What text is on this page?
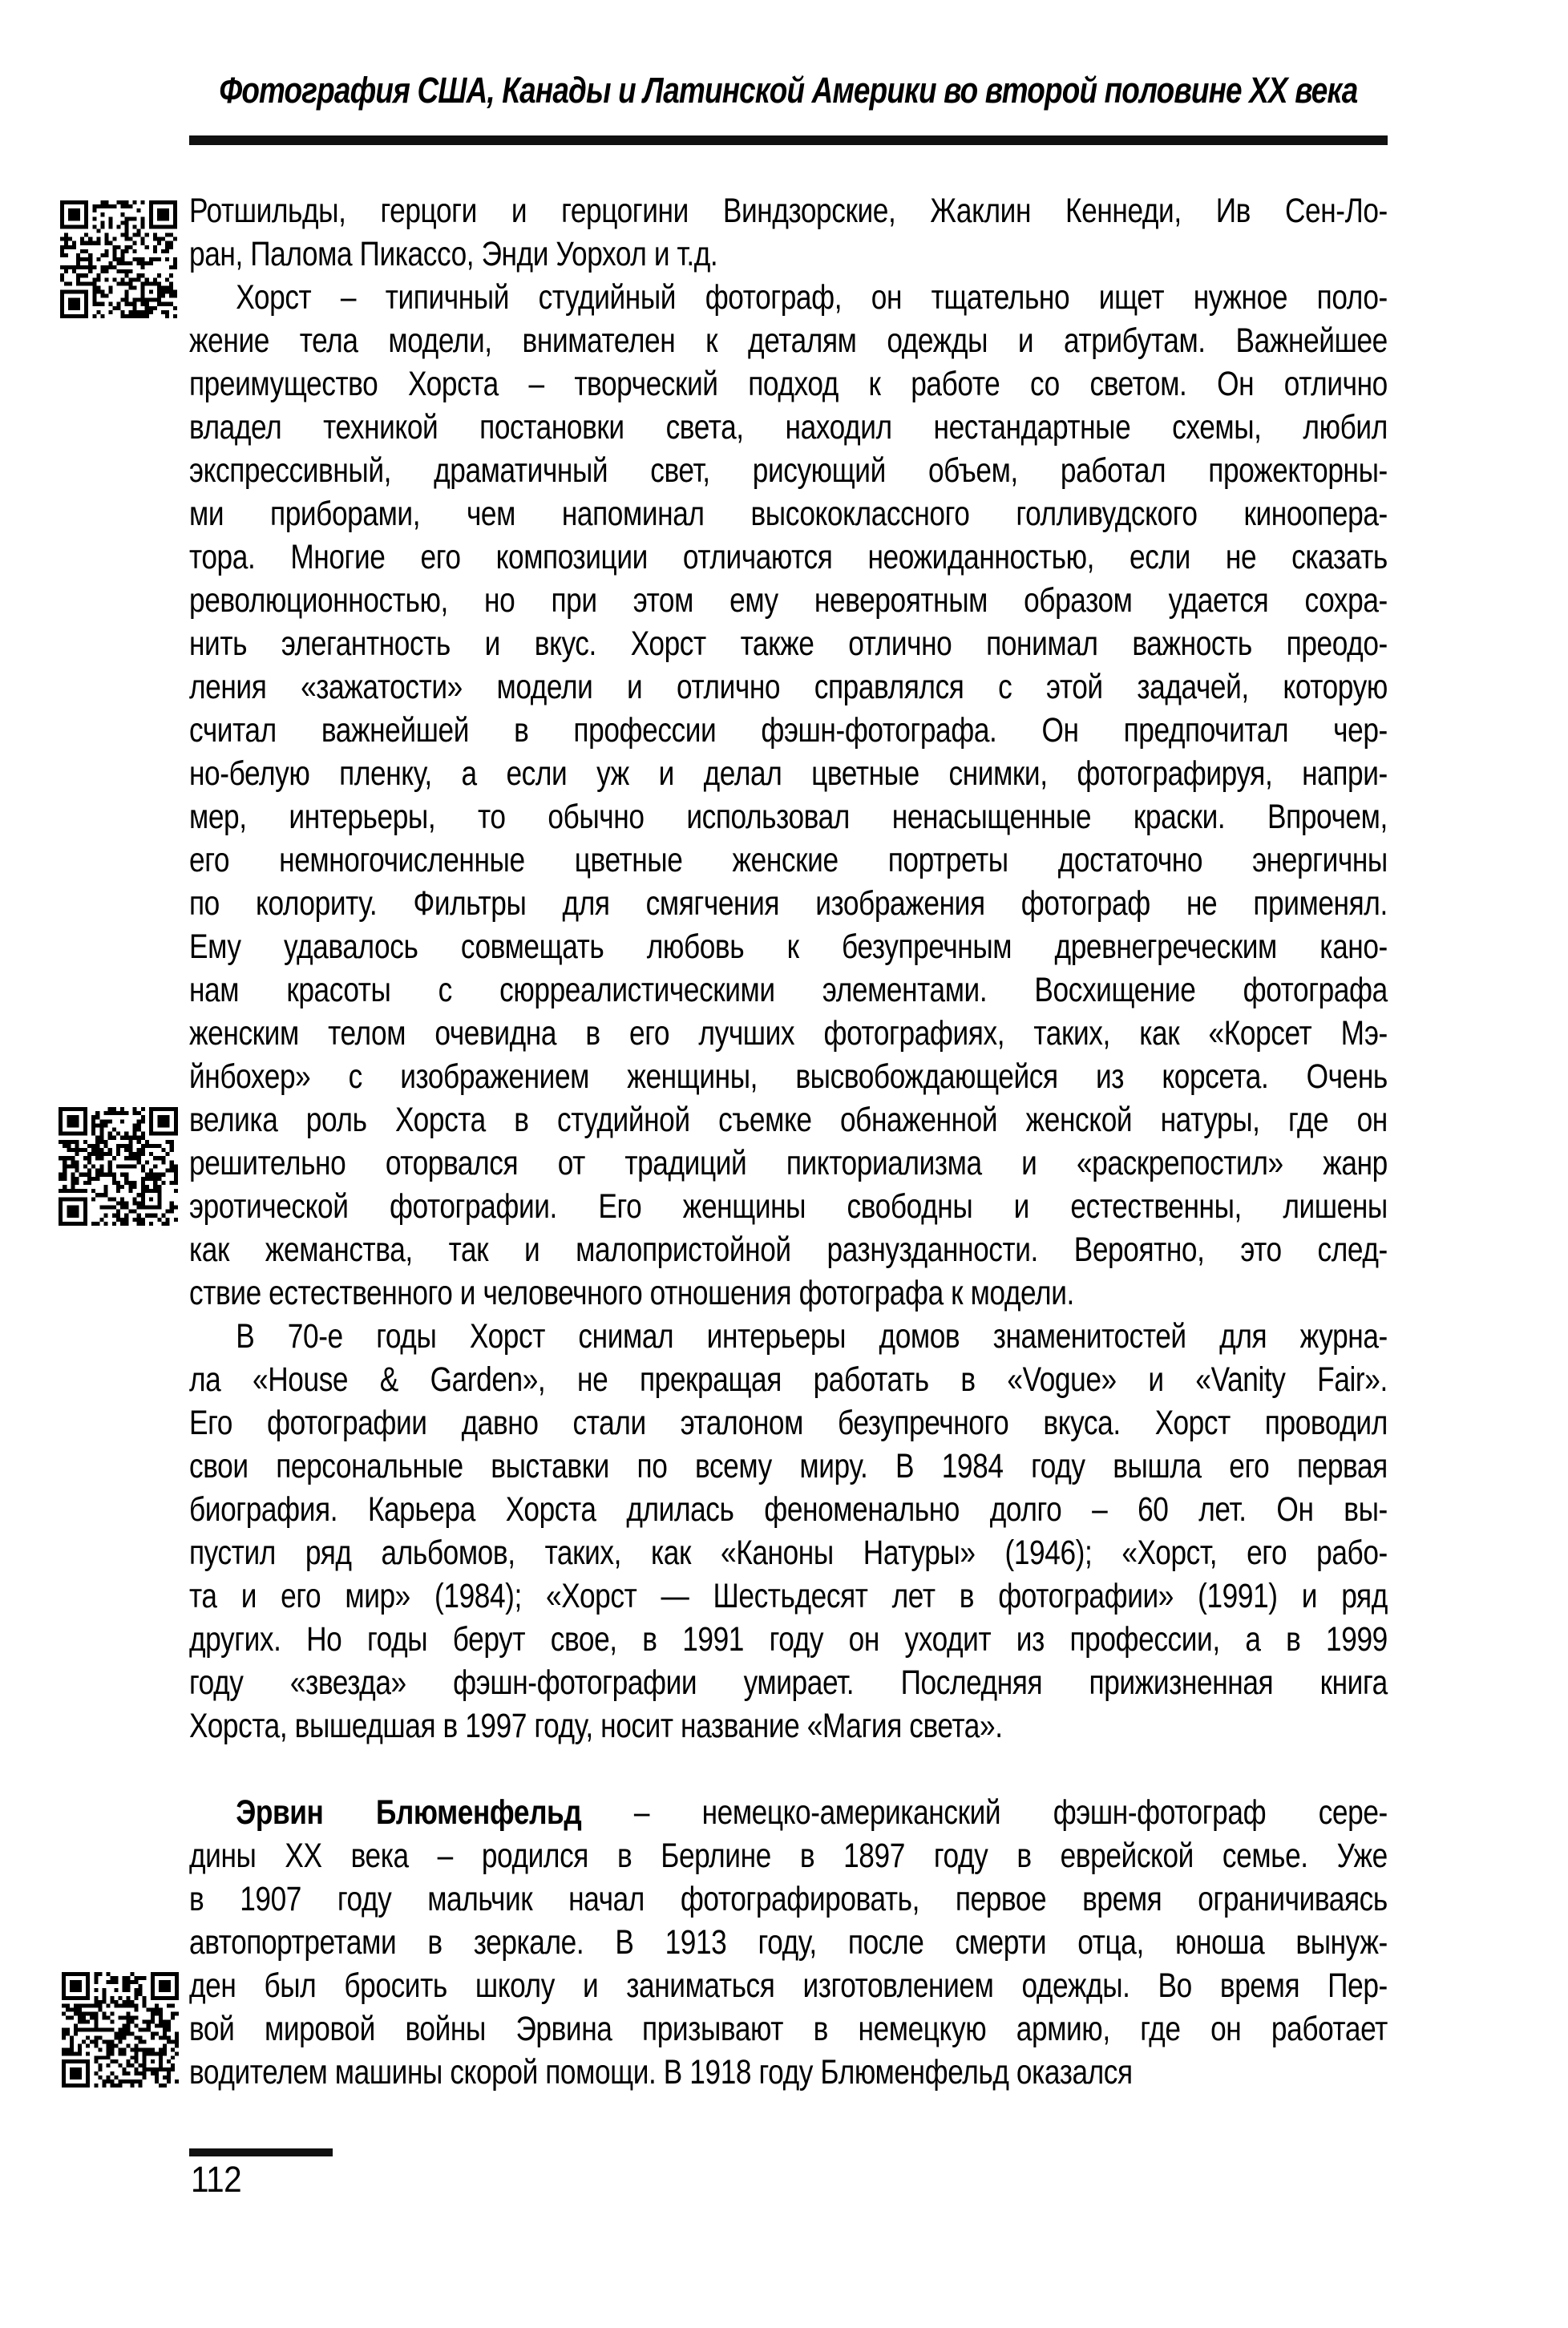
Фотография США, Канады и Латинской Америки во второй половине XX века
Ротшильды, герцоги и герцогини Виндзорские, Жаклин Кеннеди, Ив Сен-Ло-
ран, Палома Пикассо, Энди Уорхол и т.д.
Хорст – типичный студийный фотограф, он тщательно ищет нужное поло-
жение тела модели, внимателен к деталям одежды и атрибутам. Важнейшее
преимущество Хорста – творческий подход к работе со светом. Он отлично
владел техникой постановки света, находил нестандартные схемы, любил
экспрессивный, драматичный свет, рисующий объем, работал прожекторны-
ми приборами, чем напоминал высококлассного голливудского киноопера-
тора. Многие его композиции отличаются неожиданностью, если не сказать
революционностью, но при этом ему невероятным образом удается сохра-
нить элегантность и вкус. Хорст также отлично понимал важность преодо-
ления «зажатости» модели и отлично справлялся с этой задачей, которую
считал важнейшей в профессии фэшн-фотографа. Он предпочитал чер-
но-белую пленку, а если уж и делал цветные снимки, фотографируя, напри-
мер, интерьеры, то обычно использовал ненасыщенные краски. Впрочем,
его немногочисленные цветные женские портреты достаточно энергичны
по колориту. Фильтры для смягчения изображения фотограф не применял.
Ему удавалось совмещать любовь к безупречным древнегреческим кано-
нам красоты с сюрреалистическими элементами. Восхищение фотографа
женским телом очевидна в его лучших фотографиях, таких, как «Корсет Мэ-
йнбохер» с изображением женщины, высвобождающейся из корсета. Очень
велика роль Хорста в студийной съемке обнаженной женской натуры, где он
решительно оторвался от традиций пикториализма и «раскрепостил» жанр
эротической фотографии. Его женщины свободны и естественны, лишены
как жеманства, так и малопристойной разнузданности. Вероятно, это след-
ствие естественного и человечного отношения фотографа к модели.
В 70-е годы Хорст снимал интерьеры домов знаменитостей для журна-
ла «House & Garden», не прекращая работать в «Vogue» и «Vanity Fair».
Его фотографии давно стали эталоном безупречного вкуса. Хорст проводил
свои персональные выставки по всему миру. В 1984 году вышла его первая
биография. Карьера Хорста длилась феноменально долго – 60 лет. Он вы-
пустил ряд альбомов, таких, как «Каноны Натуры» (1946); «Хорст, его рабо-
та и его мир» (1984); «Хорст — Шестьдесят лет в фотографии» (1991) и ряд
других. Но годы берут свое, в 1991 году он уходит из профессии, а в 1999
году «звезда» фэшн-фотографии умирает. Последняя прижизненная книга
Хорста, вышедшая в 1997 году, носит название «Магия света».

Эрвин Блюменфельд – немецко-американский фэшн-фотограф сере-
дины XX века – родился в Берлине в 1897 году в еврейской семье. Уже
в 1907 году мальчик начал фотографировать, первое время ограничиваясь
автопортретами в зеркале. В 1913 году, после смерти отца, юноша вынуж-
ден был бросить школу и заниматься изготовлением одежды. Во время Пер-
вой мировой войны Эрвина призывают в немецкую армию, где он работает
водителем машины скорой помощи. В 1918 году Блюменфельд оказался
112
